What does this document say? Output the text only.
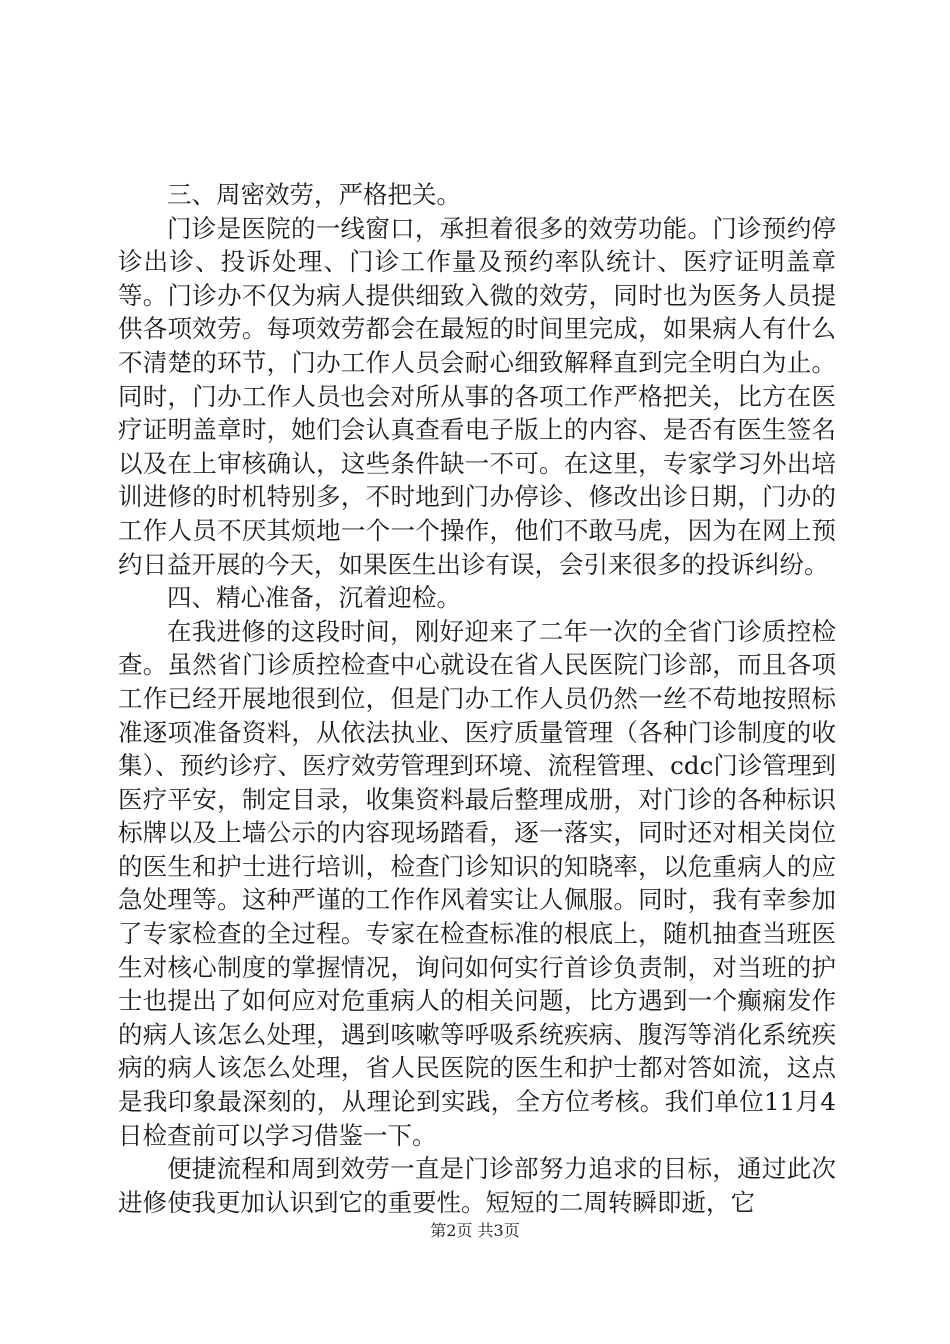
三、周密效劳，严格把关。

门诊是医院的一线窗口，承担着很多的效劳功能。门诊预约停诊出诊、投诉处理、门诊工作量及预约率队统计、医疗证明盖章等。门诊办不仅为病人提供细致入微的效劳，同时也为医务人员提供各项效劳。每项效劳都会在最短的时间里完成，如果病人有什么不清楚的环节，门办工作人员会耐心细致解释直到完全明白为止。同时，门办工作人员也会对所从事的各项工作严格把关，比方在医疗证明盖章时，她们会认真查看电子版上的内容、是否有医生签名以及在上审核确认，这些条件缺一不可。在这里，专家学习外出培训进修的时机特别多，不时地到门办停诊、修改出诊日期，门办的工作人员不厌其烦地一个一个操作，他们不敢马虎，因为在网上预约日益开展的今天，如果医生出诊有误，会引来很多的投诉纠纷。

四、精心准备，沉着迎检。

在我进修的这段时间，刚好迎来了二年一次的全省门诊质控检查。虽然省门诊质控检查中心就设在省人民医院门诊部，而且各项工作已经开展地很到位，但是门办工作人员仍然一丝不苟地按照标准逐项准备资料，从依法执业、医疗质量管理（各种门诊制度的收集）、预约诊疗、医疗效劳管理到环境、流程管理、cdc门诊管理到医疗平安，制定目录，收集资料最后整理成册，对门诊的各种标识标牌以及上墙公示的内容现场踏看，逐一落实，同时还对相关岗位的医生和护士进行培训，检查门诊知识的知晓率，以危重病人的应急处理等。这种严谨的工作作风着实让人佩服。同时，我有幸参加了专家检查的全过程。专家在检查标准的根底上，随机抽查当班医生对核心制度的掌握情况，询问如何实行首诊负责制，对当班的护士也提出了如何应对危重病人的相关问题，比方遇到一个癫痫发作的病人该怎么处理，遇到咳嗽等呼吸系统疾病、腹泻等消化系统疾病的病人该怎么处理，省人民医院的医生和护士都对答如流，这点是我印象最深刻的，从理论到实践，全方位考核。我们单位11月4日检查前可以学习借鉴一下。

便捷流程和周到效劳一直是门诊部努力追求的目标，通过此次进修使我更加认识到它的重要性。短短的二周转瞬即逝，它

第2页 共3页
